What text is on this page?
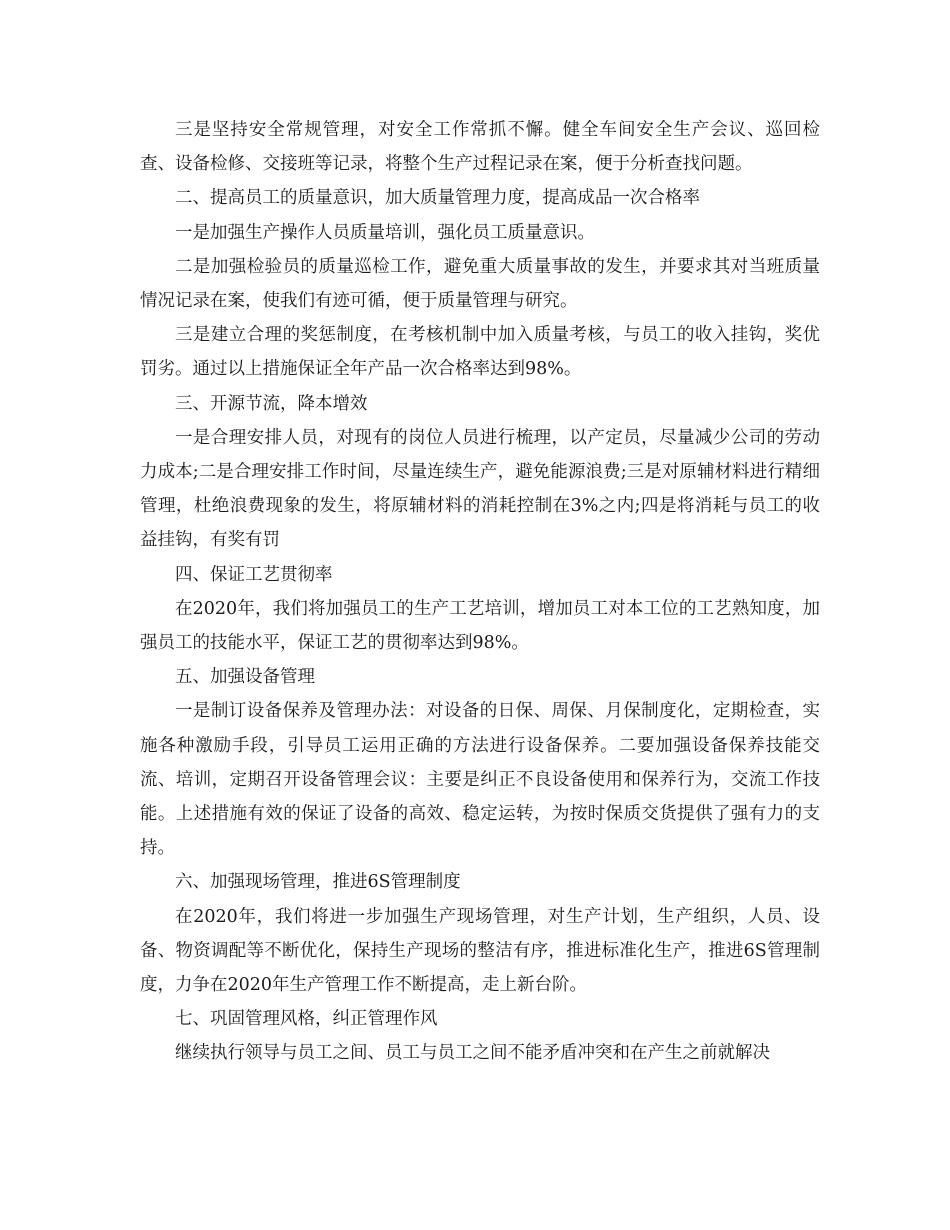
三是坚持安全常规管理，对安全工作常抓不懈。健全车间安全生产会议、巡回检查、设备检修、交接班等记录，将整个生产过程记录在案，便于分析查找问题。

二、提高员工的质量意识，加大质量管理力度，提高成品一次合格率

一是加强生产操作人员质量培训，强化员工质量意识。

二是加强检验员的质量巡检工作，避免重大质量事故的发生，并要求其对当班质量情况记录在案，使我们有迹可循，便于质量管理与研究。

三是建立合理的奖惩制度，在考核机制中加入质量考核，与员工的收入挂钩，奖优罚劣。通过以上措施保证全年产品一次合格率达到98%。

三、开源节流，降本增效

一是合理安排人员，对现有的岗位人员进行梳理，以产定员，尽量减少公司的劳动力成本;二是合理安排工作时间，尽量连续生产，避免能源浪费;三是对原辅材料进行精细管理，杜绝浪费现象的发生，将原辅材料的消耗控制在3%之内;四是将消耗与员工的收益挂钩，有奖有罚

四、保证工艺贯彻率

在2020年，我们将加强员工的生产工艺培训，增加员工对本工位的工艺熟知度，加强员工的技能水平，保证工艺的贯彻率达到98%。

五、加强设备管理

一是制订设备保养及管理办法：对设备的日保、周保、月保制度化，定期检查，实施各种激励手段，引导员工运用正确的方法进行设备保养。二要加强设备保养技能交流、培训，定期召开设备管理会议：主要是纠正不良设备使用和保养行为，交流工作技能。上述措施有效的保证了设备的高效、稳定运转，为按时保质交货提供了强有力的支持。

六、加强现场管理，推进6S管理制度

在2020年，我们将进一步加强生产现场管理，对生产计划，生产组织，人员、设备、物资调配等不断优化，保持生产现场的整洁有序，推进标准化生产，推进6S管理制度，力争在2020年生产管理工作不断提高，走上新台阶。

七、巩固管理风格，纠正管理作风

继续执行领导与员工之间、员工与员工之间不能矛盾冲突和在产生之前就解决
